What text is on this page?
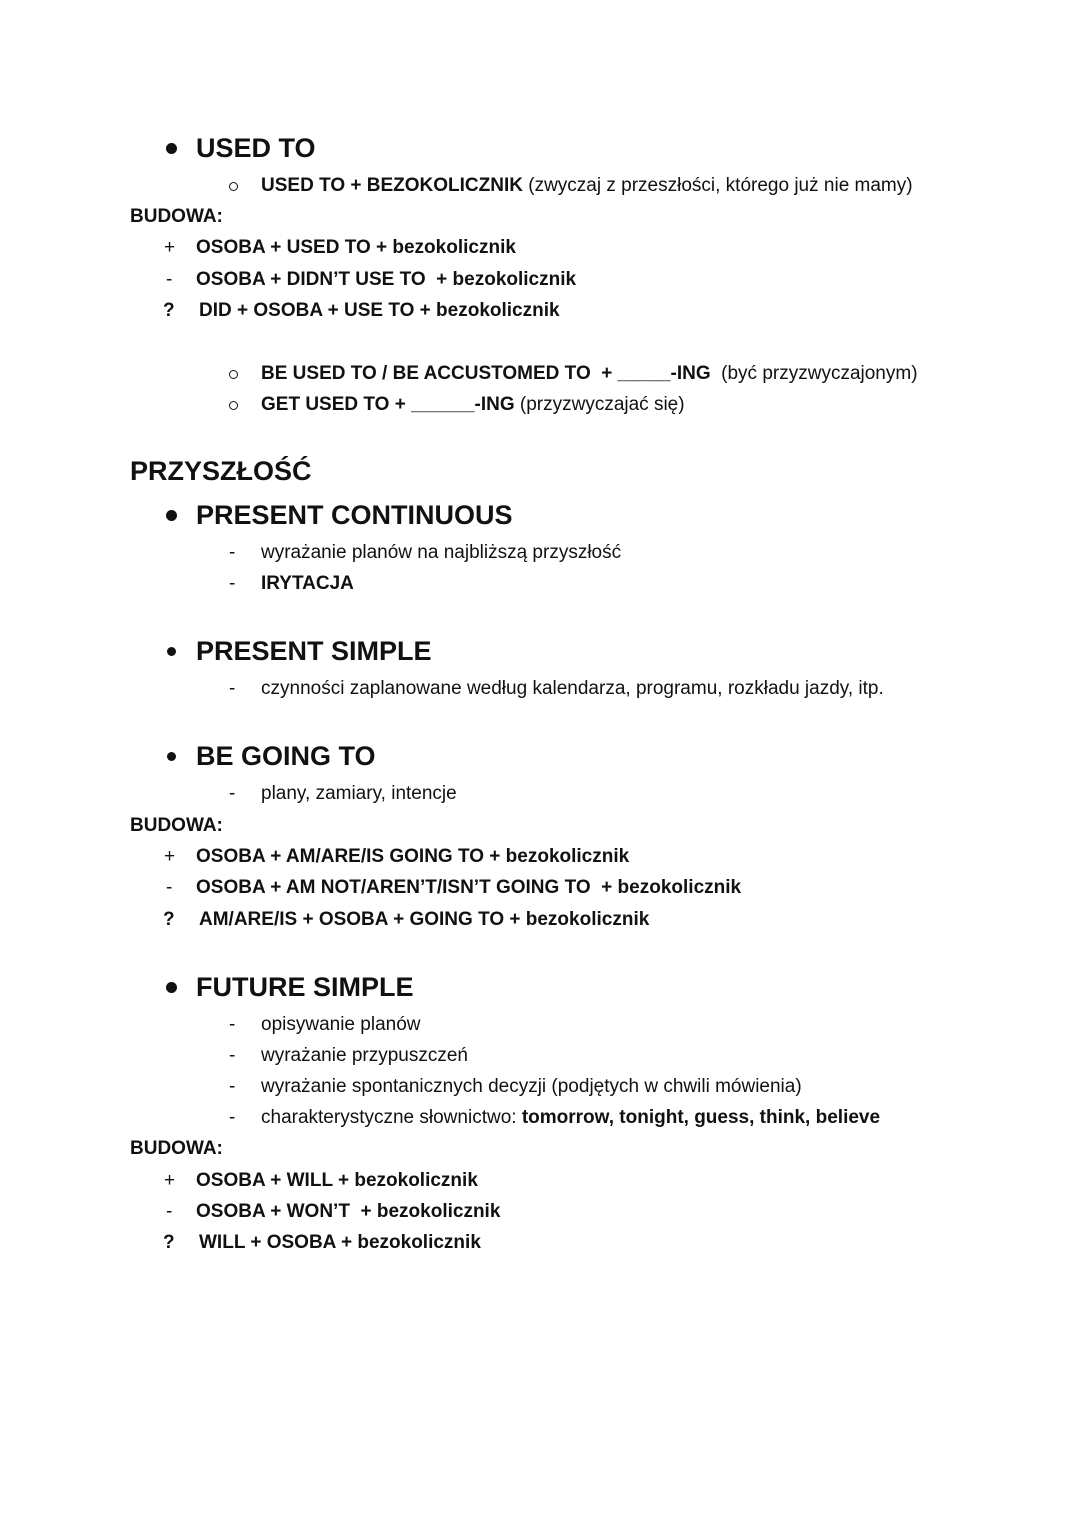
USED TO
USED TO + BEZOKOLICZNIK (zwyczaj z przeszłości, którego już nie mamy)
BUDOWA:
+ OSOBA + USED TO + bezokolicznik
- OSOBA + DIDN’T USE TO  + bezokolicznik
? DID + OSOBA + USE TO + bezokolicznik
BE USED TO / BE ACCUSTOMED TO  + _____-ING  (być przyzwyczajonym)
GET USED TO + ______-ING (przyzwyczajać się)
PRZYSZŁOŚĆ
PRESENT CONTINUOUS
- wyrażanie planów na najbliższą przyszłość
- IRYTACJA
PRESENT SIMPLE
- czynności zaplanowane według kalendarza, programu, rozkładu jazdy, itp.
BE GOING TO
- plany, zamiary, intencje
BUDOWA:
+ OSOBA + AM/ARE/IS GOING TO + bezokolicznik
- OSOBA + AM NOT/AREN’T/ISN’T GOING TO  + bezokolicznik
? AM/ARE/IS + OSOBA + GOING TO + bezokolicznik
FUTURE SIMPLE
- opisywanie planów
- wyrażanie przypuszczeń
- wyrażanie spontanicznych decyzji (podjętych w chwili mówienia)
- charakterystyczne słownictwo: tomorrow, tonight, guess, think, believe
BUDOWA:
+ OSOBA + WILL + bezokolicznik
- OSOBA + WON’T  + bezokolicznik
? WILL + OSOBA + bezokolicznik
